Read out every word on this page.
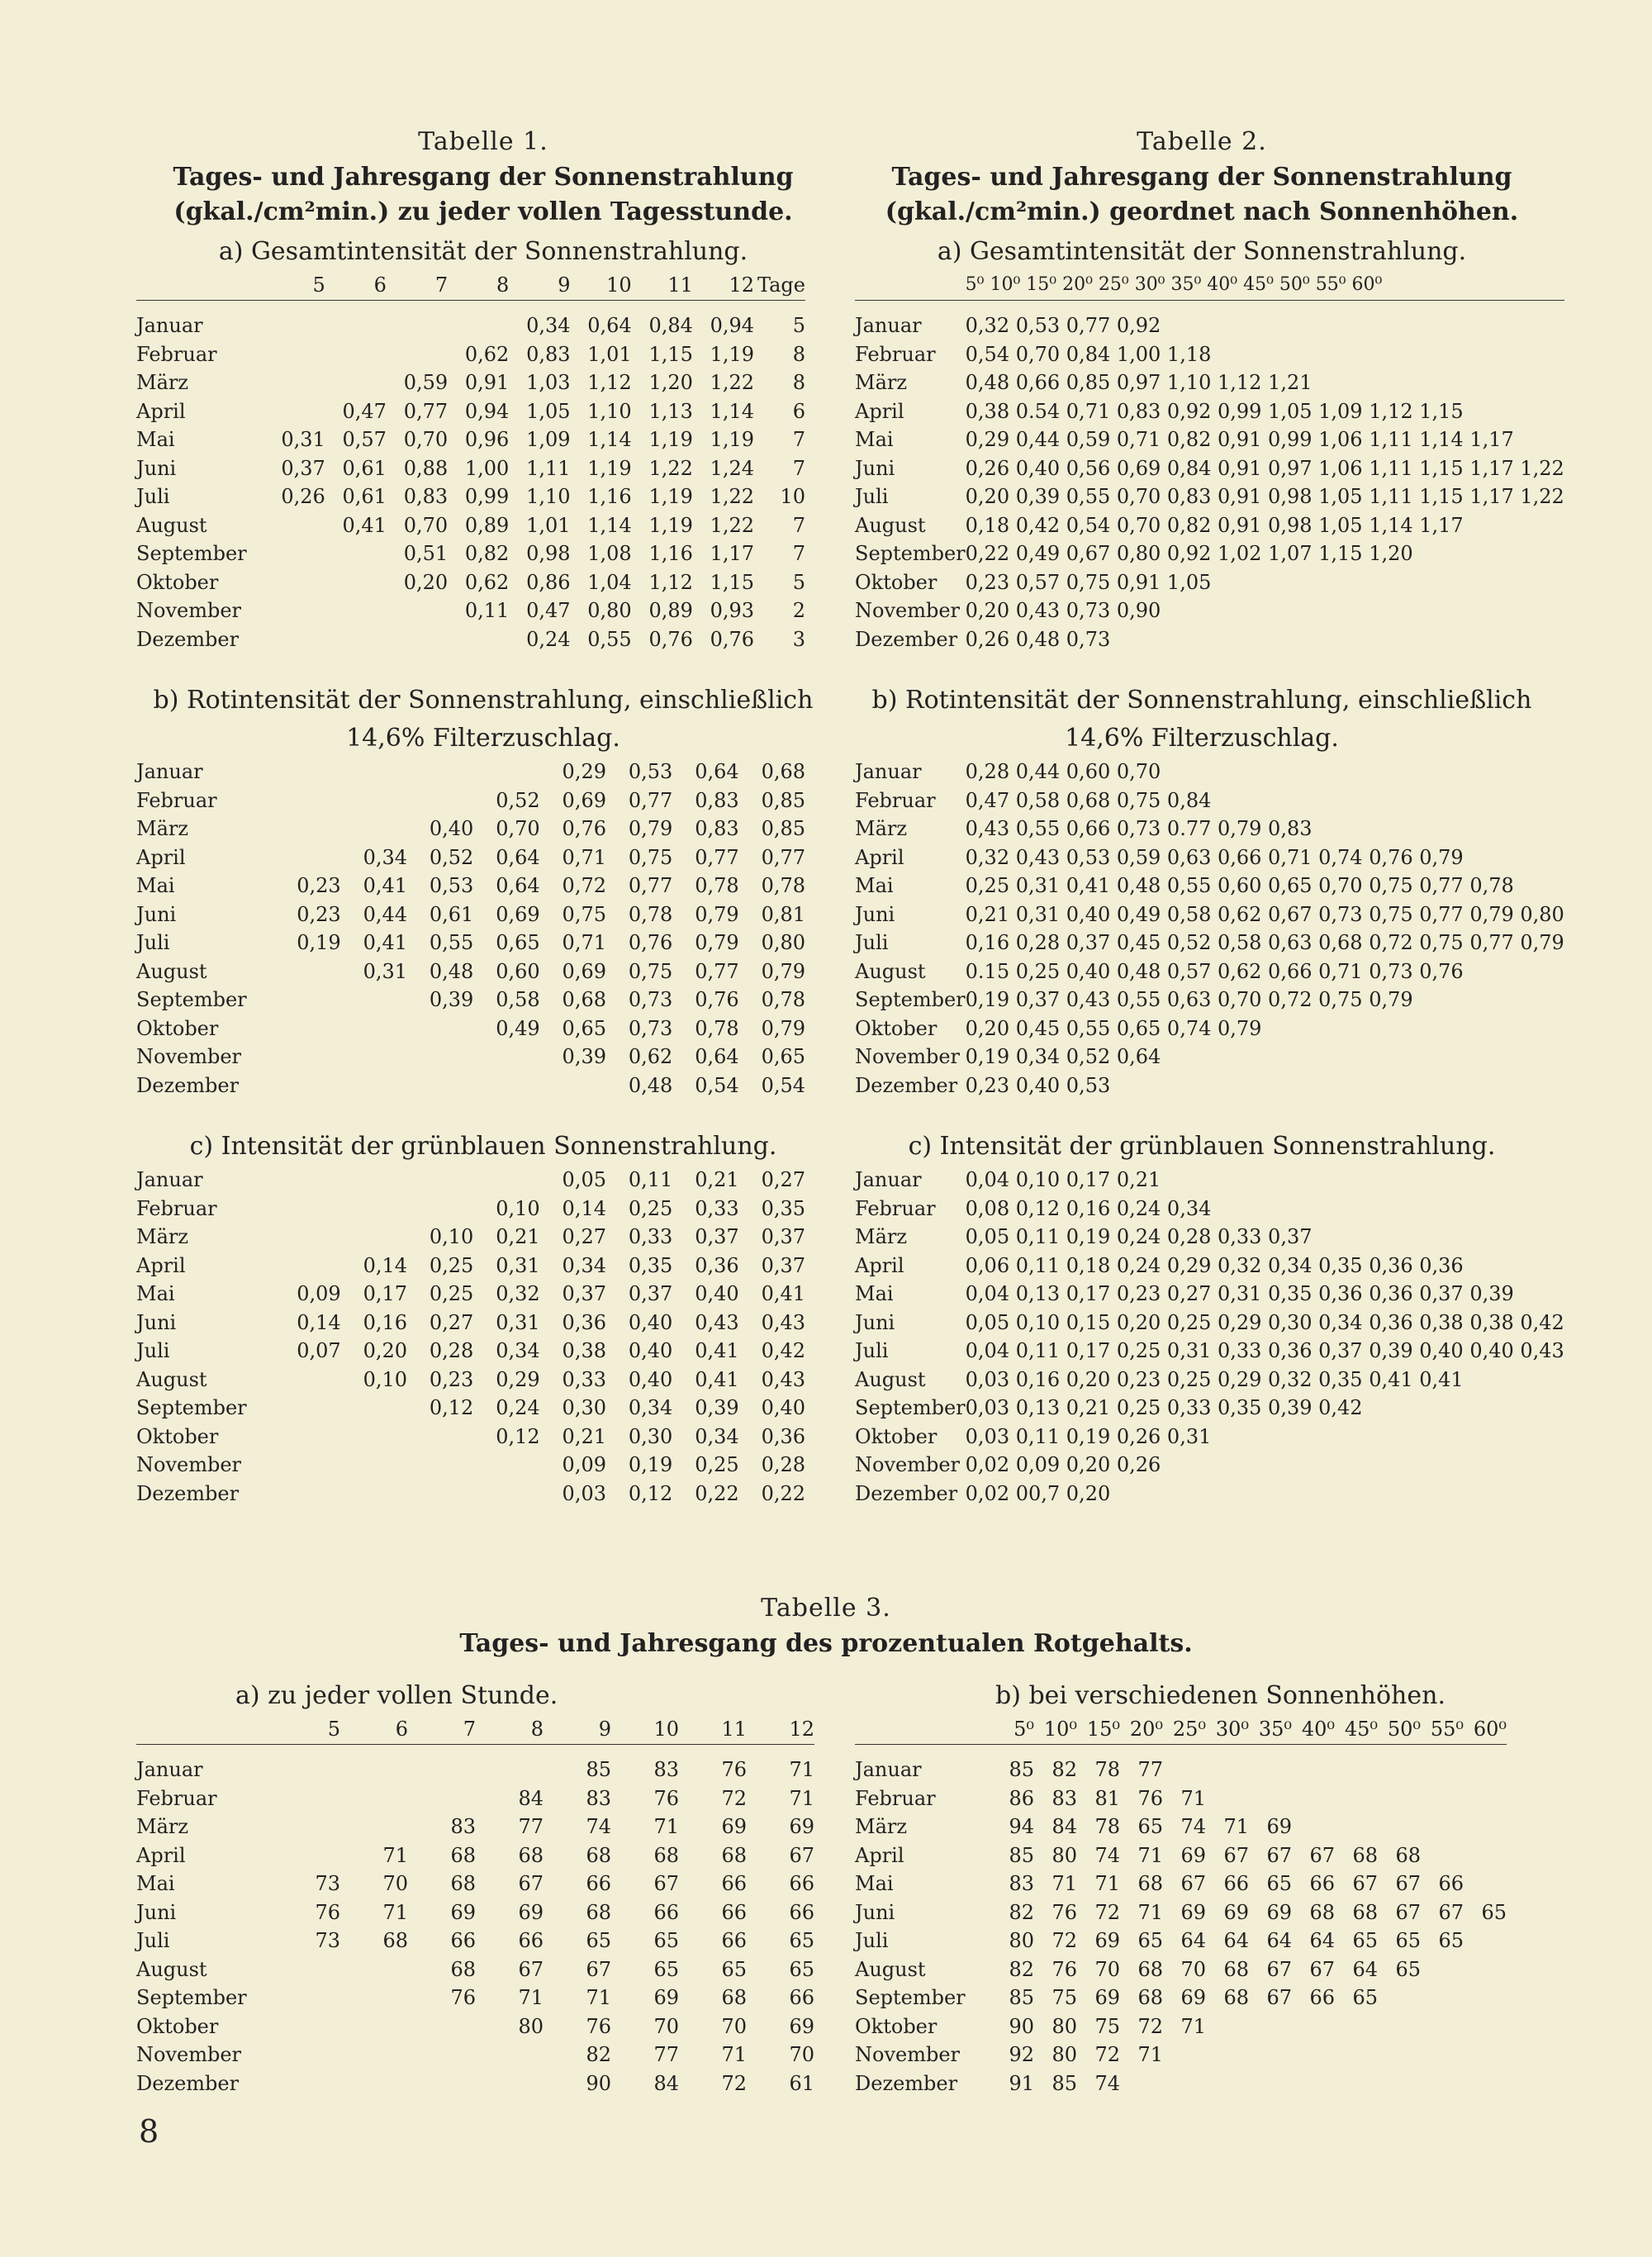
Tabelle 1.

Tages- und Jahresgang der Sonnenstrahlung

(gkal./cm²min.) zu jeder vollen Tagesstunde.

a) Gesamtintensität der Sonnenstrahlung.

	5	6	7	8	9	10	11	12	Tage

Januar					0,34	0,64	0,84	0,94	5
Februar				0,62	0,83	1,01	1,15	1,19	8
März			0,59	0,91	1,03	1,12	1,20	1,22	8
April		0,47	0,77	0,94	1,05	1,10	1,13	1,14	6
Mai	0,31	0,57	0,70	0,96	1,09	1,14	1,19	1,19	7
Juni	0,37	0,61	0,88	1,00	1,11	1,19	1,22	1,24	7
Juli	0,26	0,61	0,83	0,99	1,10	1,16	1,19	1,22	10
August		0,41	0,70	0,89	1,01	1,14	1,19	1,22	7
September			0,51	0,82	0,98	1,08	1,16	1,17	7
Oktober			0,20	0,62	0,86	1,04	1,12	1,15	5
November				0,11	0,47	0,80	0,89	0,93	2
Dezember					0,24	0,55	0,76	0,76	3

b) Rotintensität der Sonnenstrahlung, einschließlich

14,6% Filterzuschlag.

Januar					0,29	0,53	0,64	0,68
Februar				0,52	0,69	0,77	0,83	0,85
März			0,40	0,70	0,76	0,79	0,83	0,85
April		0,34	0,52	0,64	0,71	0,75	0,77	0,77
Mai	0,23	0,41	0,53	0,64	0,72	0,77	0,78	0,78
Juni	0,23	0,44	0,61	0,69	0,75	0,78	0,79	0,81
Juli	0,19	0,41	0,55	0,65	0,71	0,76	0,79	0,80
August		0,31	0,48	0,60	0,69	0,75	0,77	0,79
September			0,39	0,58	0,68	0,73	0,76	0,78
Oktober				0,49	0,65	0,73	0,78	0,79
November					0,39	0,62	0,64	0,65
Dezember						0,48	0,54	0,54

c) Intensität der grünblauen Sonnenstrahlung.

Januar					0,05	0,11	0,21	0,27
Februar				0,10	0,14	0,25	0,33	0,35
März			0,10	0,21	0,27	0,33	0,37	0,37
April		0,14	0,25	0,31	0,34	0,35	0,36	0,37
Mai	0,09	0,17	0,25	0,32	0,37	0,37	0,40	0,41
Juni	0,14	0,16	0,27	0,31	0,36	0,40	0,43	0,43
Juli	0,07	0,20	0,28	0,34	0,38	0,40	0,41	0,42
August		0,10	0,23	0,29	0,33	0,40	0,41	0,43
September			0,12	0,24	0,30	0,34	0,39	0,40
Oktober				0,12	0,21	0,30	0,34	0,36
November					0,09	0,19	0,25	0,28
Dezember					0,03	0,12	0,22	0,22

Tabelle 2.

Tages- und Jahresgang der Sonnenstrahlung

(gkal./cm²min.) geordnet nach Sonnenhöhen.

a) Gesamtintensität der Sonnenstrahlung.

	5⁰ 10⁰ 15⁰ 20⁰ 25⁰ 30⁰ 35⁰ 40⁰ 45⁰ 50⁰ 55⁰ 60⁰

Januar	0,32 0,53 0,77 0,92
Februar	0,54 0,70 0,84 1,00 1,18
März	0,48 0,66 0,85 0,97 1,10 1,12 1,21
April	0,38 0.54 0,71 0,83 0,92 0,99 1,05 1,09 1,12 1,15
Mai	0,29 0,44 0,59 0,71 0,82 0,91 0,99 1,06 1,11 1,14 1,17
Juni	0,26 0,40 0,56 0,69 0,84 0,91 0,97 1,06 1,11 1,15 1,17 1,22
Juli	0,20 0,39 0,55 0,70 0,83 0,91 0,98 1,05 1,11 1,15 1,17 1,22
August	0,18 0,42 0,54 0,70 0,82 0,91 0,98 1,05 1,14 1,17
September	0,22 0,49 0,67 0,80 0,92 1,02 1,07 1,15 1,20
Oktober	0,23 0,57 0,75 0,91 1,05
November	0,20 0,43 0,73 0,90
Dezember	0,26 0,48 0,73

b) Rotintensität der Sonnenstrahlung, einschließlich

14,6% Filterzuschlag.

Januar	0,28 0,44 0,60 0,70
Februar	0,47 0,58 0,68 0,75 0,84
März	0,43 0,55 0,66 0,73 0.77 0,79 0,83
April	0,32 0,43 0,53 0,59 0,63 0,66 0,71 0,74 0,76 0,79
Mai	0,25 0,31 0,41 0,48 0,55 0,60 0,65 0,70 0,75 0,77 0,78
Juni	0,21 0,31 0,40 0,49 0,58 0,62 0,67 0,73 0,75 0,77 0,79 0,80
Juli	0,16 0,28 0,37 0,45 0,52 0,58 0,63 0,68 0,72 0,75 0,77 0,79
August	0.15 0,25 0,40 0,48 0,57 0,62 0,66 0,71 0,73 0,76
September	0,19 0,37 0,43 0,55 0,63 0,70 0,72 0,75 0,79
Oktober	0,20 0,45 0,55 0,65 0,74 0,79
November	0,19 0,34 0,52 0,64
Dezember	0,23 0,40 0,53

c) Intensität der grünblauen Sonnenstrahlung.

Januar	0,04 0,10 0,17 0,21
Februar	0,08 0,12 0,16 0,24 0,34
März	0,05 0,11 0,19 0,24 0,28 0,33 0,37
April	0,06 0,11 0,18 0,24 0,29 0,32 0,34 0,35 0,36 0,36
Mai	0,04 0,13 0,17 0,23 0,27 0,31 0,35 0,36 0,36 0,37 0,39
Juni	0,05 0,10 0,15 0,20 0,25 0,29 0,30 0,34 0,36 0,38 0,38 0,42
Juli	0,04 0,11 0,17 0,25 0,31 0,33 0,36 0,37 0,39 0,40 0,40 0,43
August	0,03 0,16 0,20 0,23 0,25 0,29 0,32 0,35 0,41 0,41
September	0,03 0,13 0,21 0,25 0,33 0,35 0,39 0,42
Oktober	0,03 0,11 0,19 0,26 0,31
November	0,02 0,09 0,20 0,26
Dezember	0,02 00,7 0,20

Tabelle 3.

Tages- und Jahresgang des prozentualen Rotgehalts.

a) zu jeder vollen Stunde.

	5	6	7	8	9	10	11	12

Januar					85	83	76	71
Februar				84	83	76	72	71
März			83	77	74	71	69	69
April		71	68	68	68	68	68	67
Mai	73	70	68	67	66	67	66	66
Juni	76	71	69	69	68	66	66	66
Juli	73	68	66	66	65	65	66	65
August			68	67	67	65	65	65
September			76	71	71	69	68	66
Oktober				80	76	70	70	69
November					82	77	71	70
Dezember					90	84	72	61

b) bei verschiedenen Sonnenhöhen.

	5⁰	10⁰	15⁰	20⁰	25⁰	30⁰	35⁰	40⁰	45⁰	50⁰	55⁰	60⁰

Januar	85	82	78	77								
Februar	86	83	81	76	71							
März	94	84	78	65	74	71	69					
April	85	80	74	71	69	67	67	67	68	68		
Mai	83	71	71	68	67	66	65	66	67	67	66	
Juni	82	76	72	71	69	69	69	68	68	67	67	65
Juli	80	72	69	65	64	64	64	64	65	65	65	
August	82	76	70	68	70	68	67	67	64	65		
September	85	75	69	68	69	68	67	66	65			
Oktober	90	80	75	72	71							
November	92	80	72	71								
Dezember	91	85	74									
8
